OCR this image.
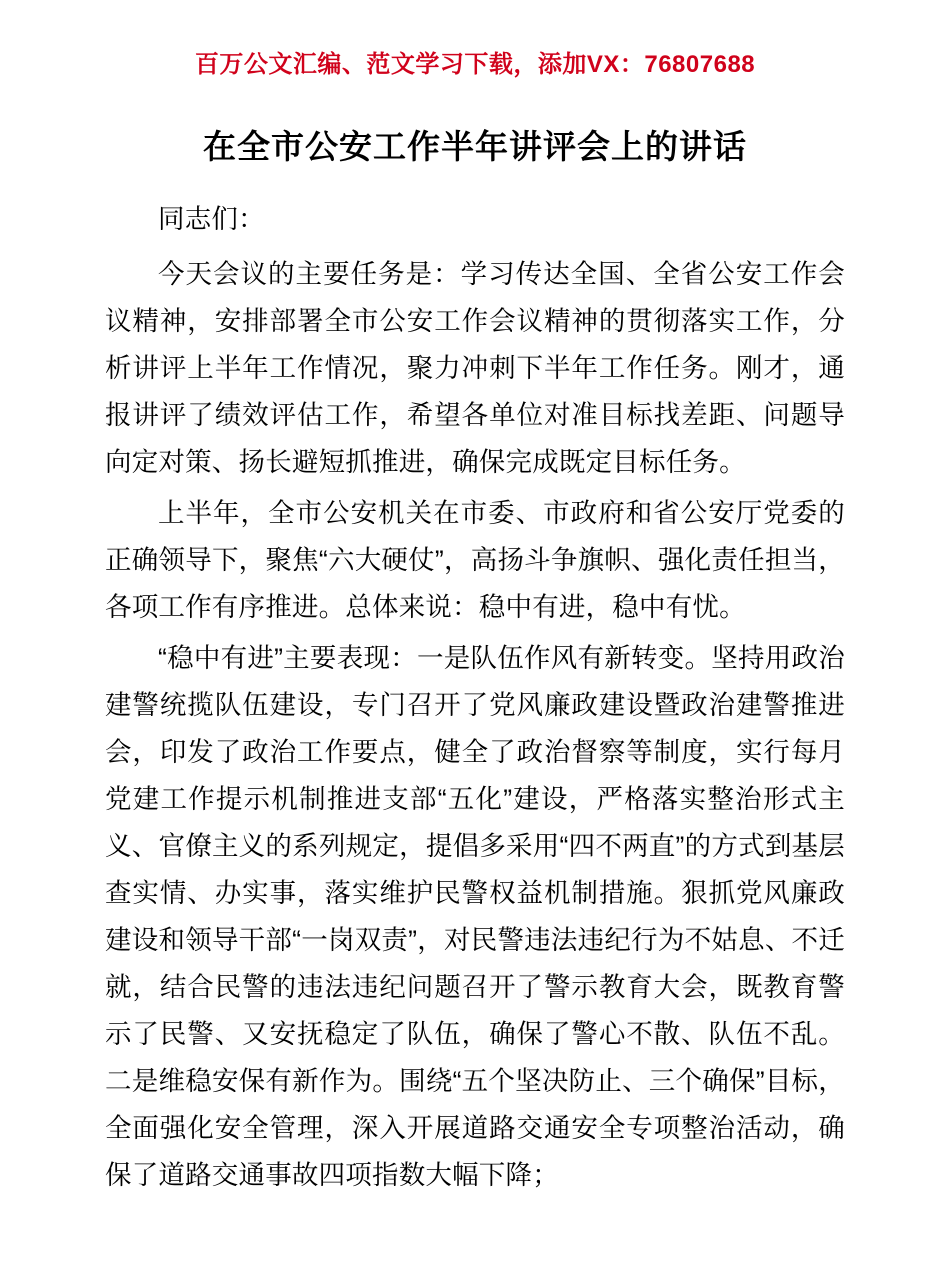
百万公文汇编、范文学习下载，添加VX：76807688
在全市公安工作半年讲评会上的讲话

同志们：

今天会议的主要任务是：学习传达全国、全省公安工作会议精神，安排部署全市公安工作会议精神的贯彻落实工作，分析讲评上半年工作情况，聚力冲刺下半年工作任务。刚才，通报讲评了绩效评估工作，希望各单位对准目标找差距、问题导向定对策、扬长避短抓推进，确保完成既定目标任务。

上半年，全市公安机关在市委、市政府和省公安厅党委的正确领导下，聚焦“六大硬仗”，高扬斗争旗帜、强化责任担当，各项工作有序推进。总体来说：稳中有进，稳中有忧。

“稳中有进”主要表现：一是队伍作风有新转变。坚持用政治建警统揽队伍建设，专门召开了党风廉政建设暨政治建警推进会，印发了政治工作要点，健全了政治督察等制度，实行每月党建工作提示机制推进支部“五化”建设，严格落实整治形式主义、官僚主义的系列规定，提倡多采用“四不两直”的方式到基层查实情、办实事，落实维护民警权益机制措施。狠抓党风廉政建设和领导干部“一岗双责”，对民警违法违纪行为不姑息、不迁就，结合民警的违法违纪问题召开了警示教育大会，既教育警示了民警、又安抚稳定了队伍，确保了警心不散、队伍不乱。二是维稳安保有新作为。围绕“五个坚决防止、三个确保”目标，全面强化安全管理，深入开展道路交通安全专项整治活动，确保了道路交通事故四项指数大幅下降；
